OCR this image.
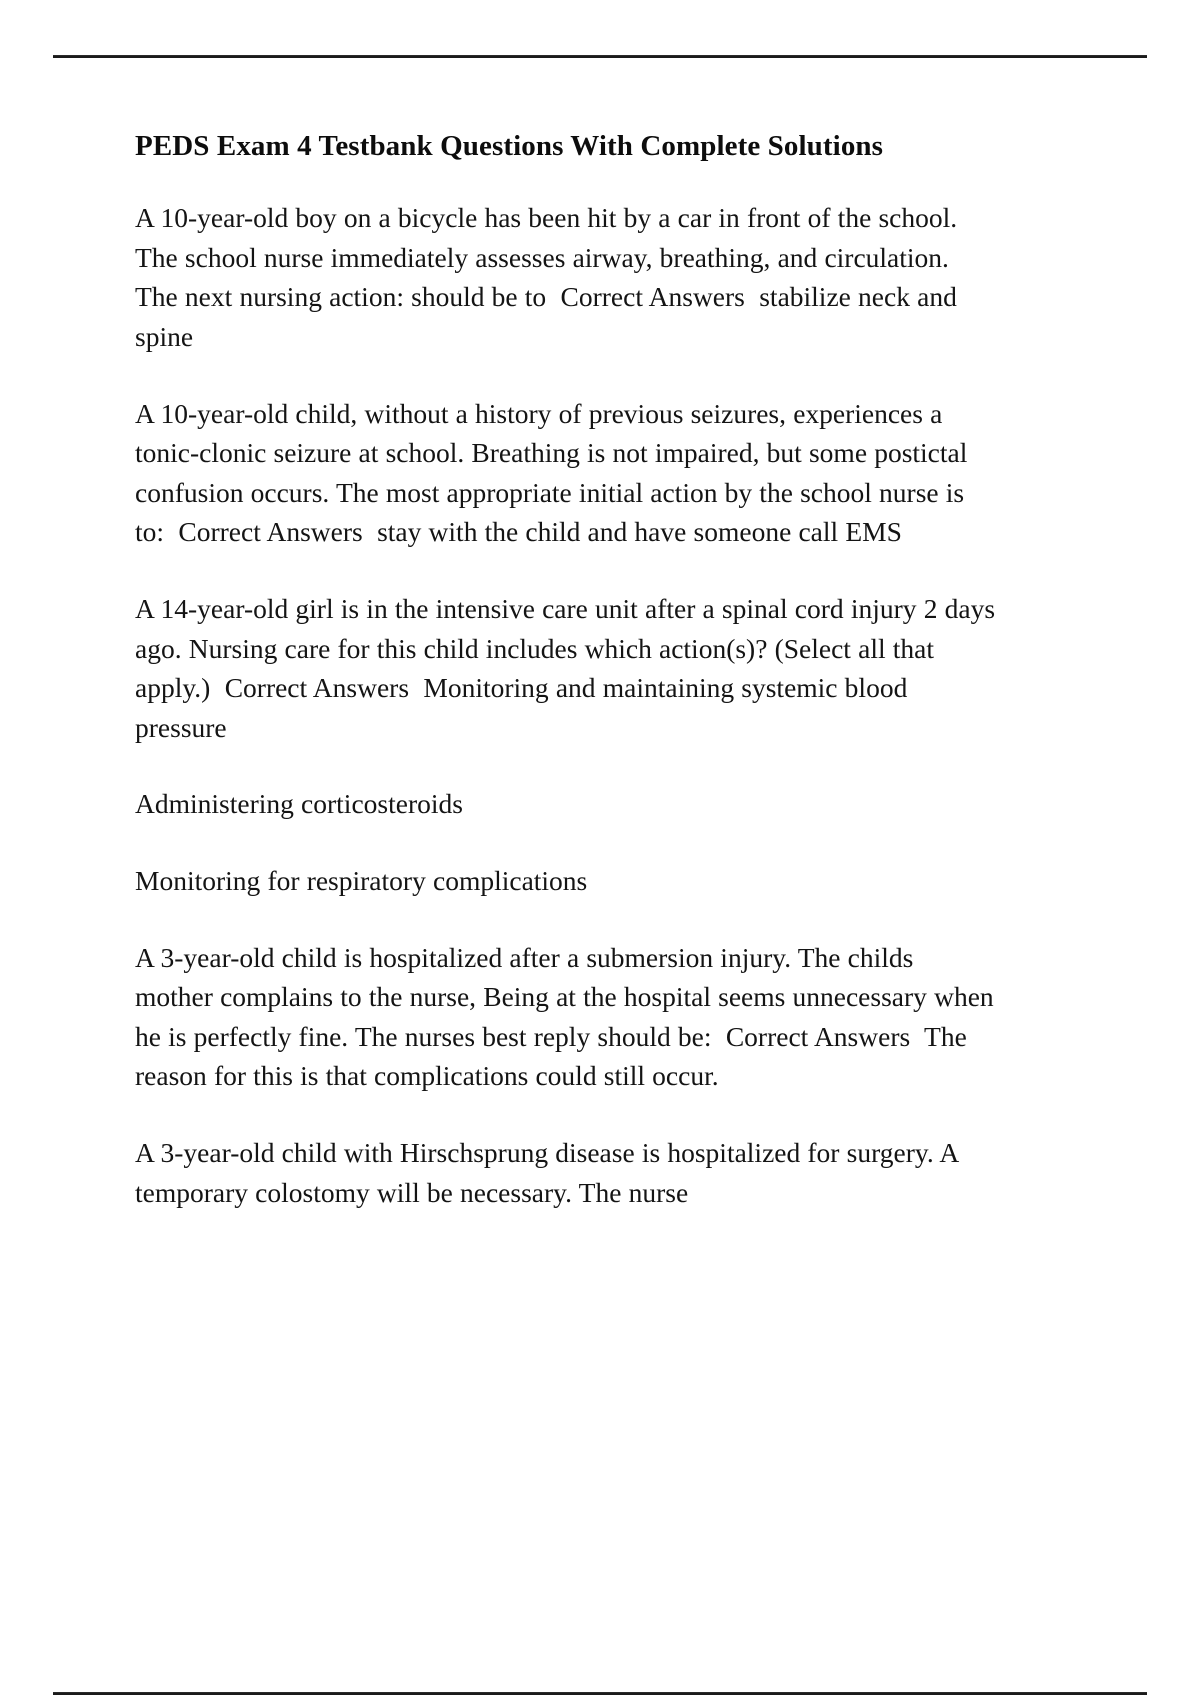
PEDS Exam 4 Testbank Questions With Complete Solutions

A 10-year-old boy on a bicycle has been hit by a car in front of the school. The school nurse immediately assesses airway, breathing, and circulation. The next nursing action: should be to  Correct Answers  stabilize neck and spine

A 10-year-old child, without a history of previous seizures, experiences a tonic-clonic seizure at school. Breathing is not impaired, but some postictal confusion occurs. The most appropriate initial action by the school nurse is to:  Correct Answers  stay with the child and have someone call EMS

A 14-year-old girl is in the intensive care unit after a spinal cord injury 2 days ago. Nursing care for this child includes which action(s)? (Select all that apply.)  Correct Answers  Monitoring and maintaining systemic blood pressure

Administering corticosteroids

Monitoring for respiratory complications

A 3-year-old child is hospitalized after a submersion injury. The childs mother complains to the nurse, Being at the hospital seems unnecessary when he is perfectly fine. The nurses best reply should be:  Correct Answers  The reason for this is that complications could still occur.

A 3-year-old child with Hirschsprung disease is hospitalized for surgery. A temporary colostomy will be necessary. The nurse
